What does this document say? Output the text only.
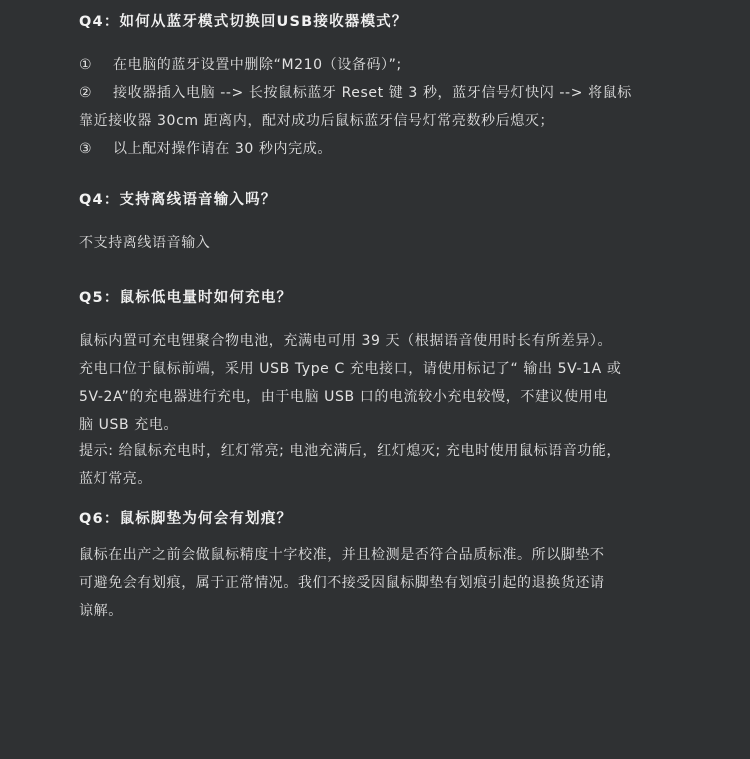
Q4：如何从蓝牙模式切换回USB接收器模式？
① 在电脑的蓝牙设置中删除“M210（设备码）”;
② 接收器插入电脑 --> 长按鼠标蓝牙 Reset 键 3 秒，蓝牙信号灯快闪 --> 将鼠标
靠近接收器 30cm 距离内，配对成功后鼠标蓝牙信号灯常亮数秒后熄灭；
③ 以上配对操作请在 30 秒内完成。
Q4：支持离线语音输入吗？
不支持离线语音输入
Q5：鼠标低电量时如何充电？
鼠标内置可充电锂聚合物电池，充满电可用 39 天（根据语音使用时长有所差异）。
充电口位于鼠标前端，采用 USB Type C 充电接口，请使用标记了“ 输出 5V-1A 或
5V-2A”的充电器进行充电，由于电脑 USB 口的电流较小充电较慢，不建议使用电
脑 USB 充电。
提示: 给鼠标充电时，红灯常亮; 电池充满后，红灯熄灭; 充电时使用鼠标语音功能，
蓝灯常亮。
Q6：鼠标脚垫为何会有划痕？
鼠标在出产之前会做鼠标精度十字校准，并且检测是否符合品质标准。所以脚垫不
可避免会有划痕，属于正常情况。我们不接受因鼠标脚垫有划痕引起的退换货还请
谅解。
